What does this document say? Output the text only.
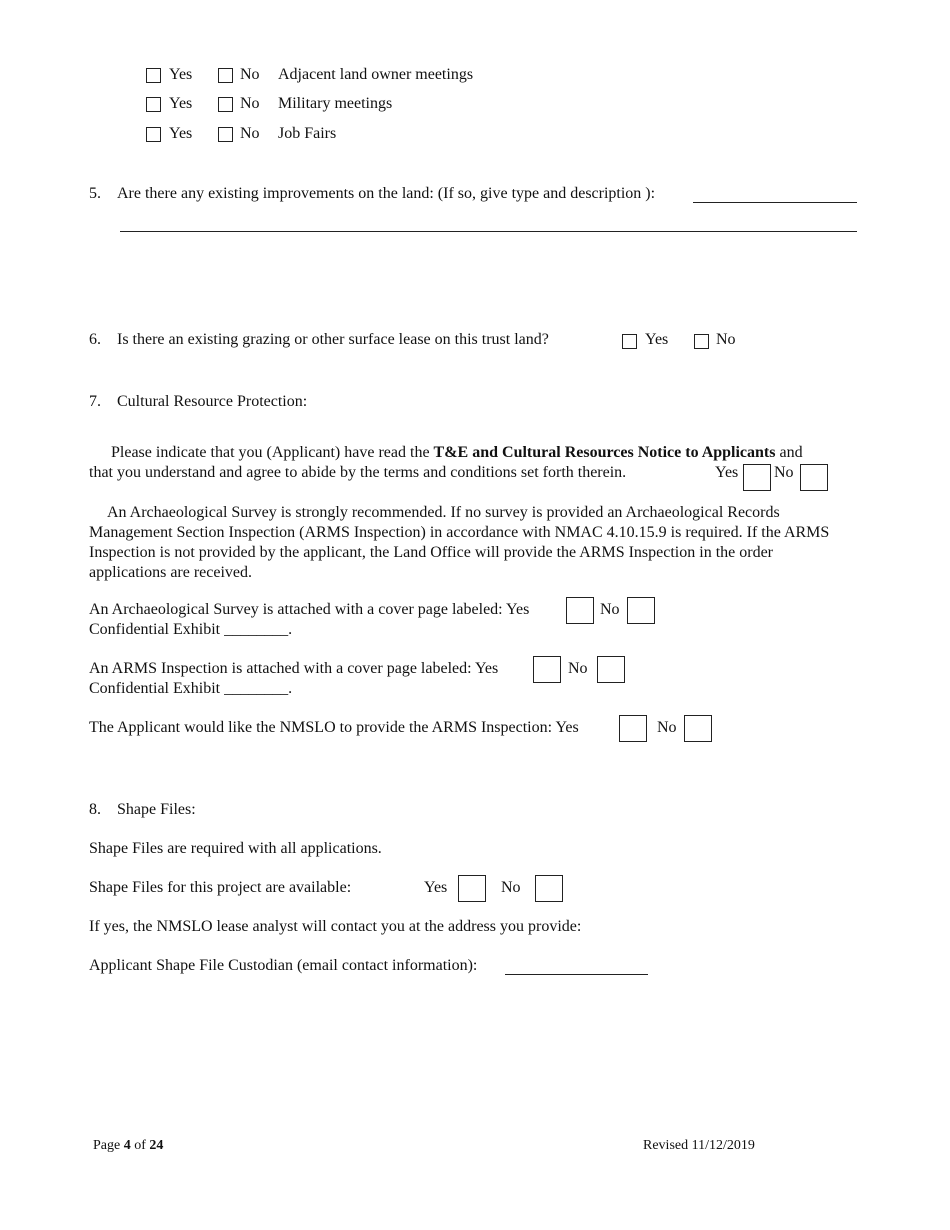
Yes	No Adjacent land owner meetings
Yes	No Military meetings
Yes	No Job Fairs
5. Are there any existing improvements on the land: (If so, give type and description ):
6. Is there an existing grazing or other surface lease on this trust land?	Yes	No
7. Cultural Resource Protection:
Please indicate that you (Applicant) have read the T&E and Cultural Resources Notice to Applicants and
that you understand and agree to abide by the terms and conditions set forth therein.	Yes No
An Archaeological Survey is strongly recommended. If no survey is provided an Archaeological Records Management Section Inspection (ARMS Inspection) in accordance with NMAC 4.10.15.9 is required. If the ARMS Inspection is not provided by the applicant, the Land Office will provide the ARMS Inspection in the order applications are received.
An Archaeological Survey is attached with a cover page labeled: Yes	No
Confidential Exhibit ________.
An ARMS Inspection is attached with a cover page labeled: Yes	No
Confidential Exhibit ________.
The Applicant would like the NMSLO to provide the ARMS Inspection: Yes	No
8. Shape Files:
Shape Files are required with all applications.
Shape Files for this project are available:	Yes	No
If yes, the NMSLO lease analyst will contact you at the address you provide:
Applicant Shape File Custodian (email contact information):
Page 4 of 24	Revised 11/12/2019
